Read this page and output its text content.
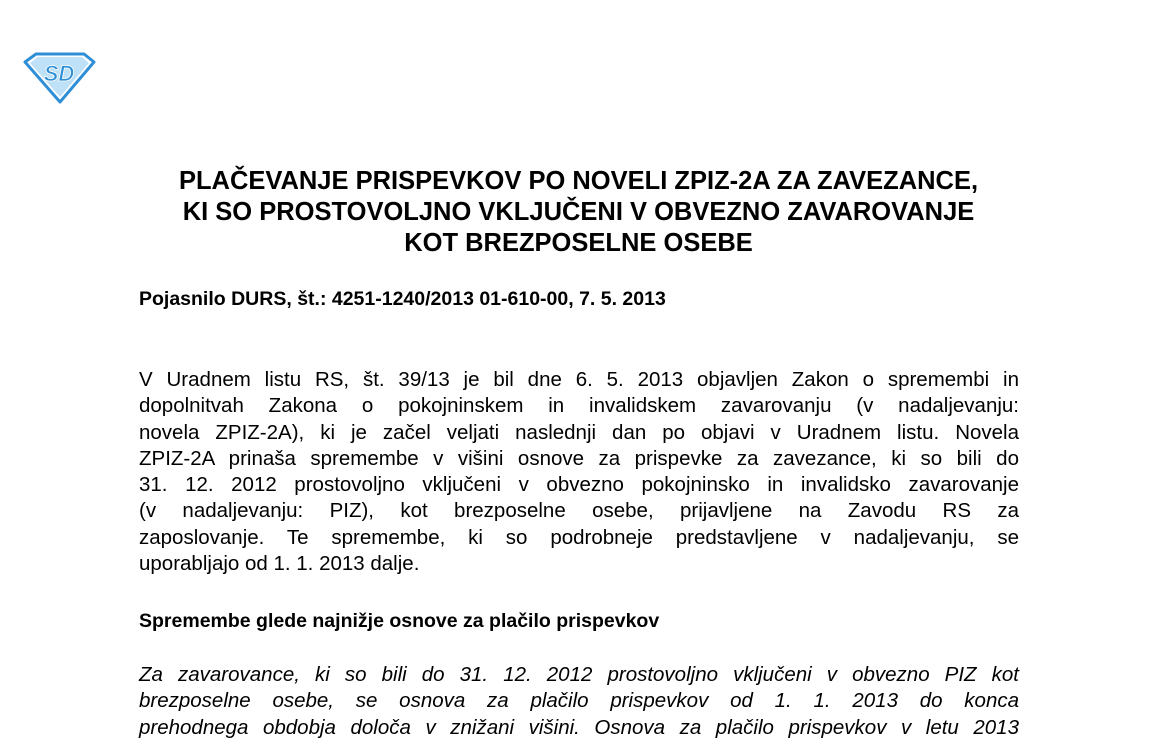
SD
PLAČEVANJE PRISPEVKOV PO NOVELI ZPIZ-2A ZA ZAVEZANCE,
KI SO PROSTOVOLJNO VKLJUČENI V OBVEZNO ZAVAROVANJE
KOT BREZPOSELNE OSEBE

Pojasnilo DURS, št.: 4251-1240/2013 01-610-00, 7. 5. 2013

V Uradnem listu RS, št. 39/13 je bil dne 6. 5. 2013 objavljen Zakon o spremembi in
dopolnitvah Zakona o pokojninskem in invalidskem zavarovanju (v nadaljevanju:
novela ZPIZ-2A), ki je začel veljati naslednji dan po objavi v Uradnem listu. Novela
ZPIZ-2A prinaša spremembe v višini osnove za prispevke za zavezance, ki so bili do
31. 12. 2012 prostovoljno vključeni v obvezno pokojninsko in invalidsko zavarovanje
(v nadaljevanju: PIZ), kot brezposelne osebe, prijavljene na Zavodu RS za
zaposlovanje. Te spremembe, ki so podrobneje predstavljene v nadaljevanju, se
uporabljajo od 1. 1. 2013 dalje.

Spremembe glede najnižje osnove za plačilo prispevkov

Za zavarovance, ki so bili do 31. 12. 2012 prostovoljno vključeni v obvezno PIZ kot
brezposelne osebe, se osnova za plačilo prispevkov od 1. 1. 2013 do konca
prehodnega obdobja določa v znižani višini. Osnova za plačilo prispevkov v letu 2013
